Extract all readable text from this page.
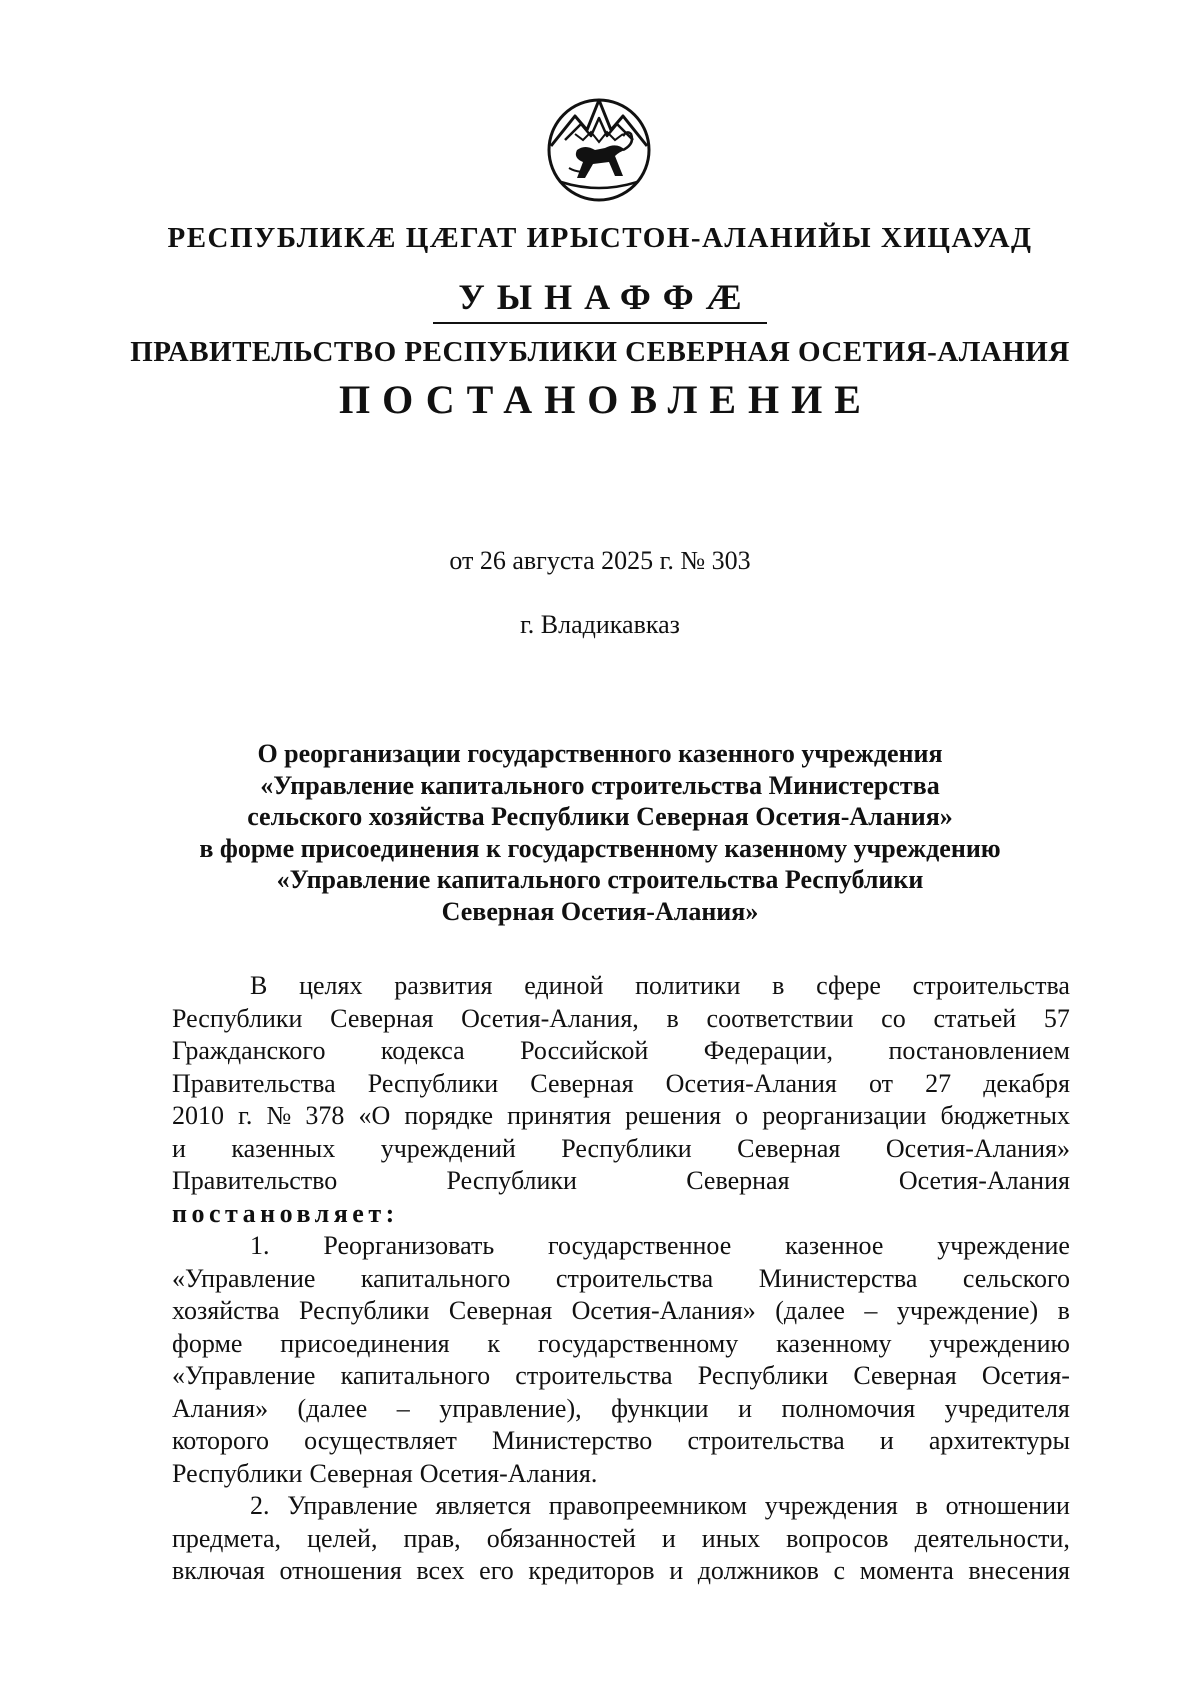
РЕСПУБЛИКÆ ЦÆГАТ ИРЫСТОН-АЛАНИЙЫ ХИЦАУАД
УЫНАФФÆ
ПРАВИТЕЛЬСТВО РЕСПУБЛИКИ СЕВЕРНАЯ ОСЕТИЯ-АЛАНИЯ
ПОСТАНОВЛЕНИЕ
от 26 августа 2025 г. № 303
г. Владикавказ
О реорганизации государственного казенного учреждения
«Управление капитального строительства Министерства
сельского хозяйства Республики Северная Осетия-Алания»
в форме присоединения к государственному казенному учреждению
«Управление капитального строительства Республики
Северная Осетия-Алания»
В целях развития единой политики в сфере строительства
Республики Северная Осетия-Алания, в соответствии со статьей 57
Гражданского кодекса Российской Федерации, постановлением
Правительства Республики Северная Осетия-Алания от 27 декабря
2010 г. № 378 «О порядке принятия решения о реорганизации бюджетных
и казенных учреждений Республики Северная Осетия-Алания»
Правительство	Республики	Северная	Осетия-Алания
постановляет:
1. Реорганизовать государственное казенное учреждение
«Управление капитального строительства Министерства сельского
хозяйства Республики Северная Осетия-Алания» (далее – учреждение) в
форме присоединения к государственному казенному учреждению
«Управление капитального строительства Республики Северная Осетия-
Алания» (далее – управление), функции и полномочия учредителя
которого осуществляет Министерство строительства и архитектуры
Республики Северная Осетия-Алания.
2. Управление является правопреемником учреждения в отношении
предмета, целей, прав, обязанностей и иных вопросов деятельности,
включая отношения всех его кредиторов и должников с момента внесения
